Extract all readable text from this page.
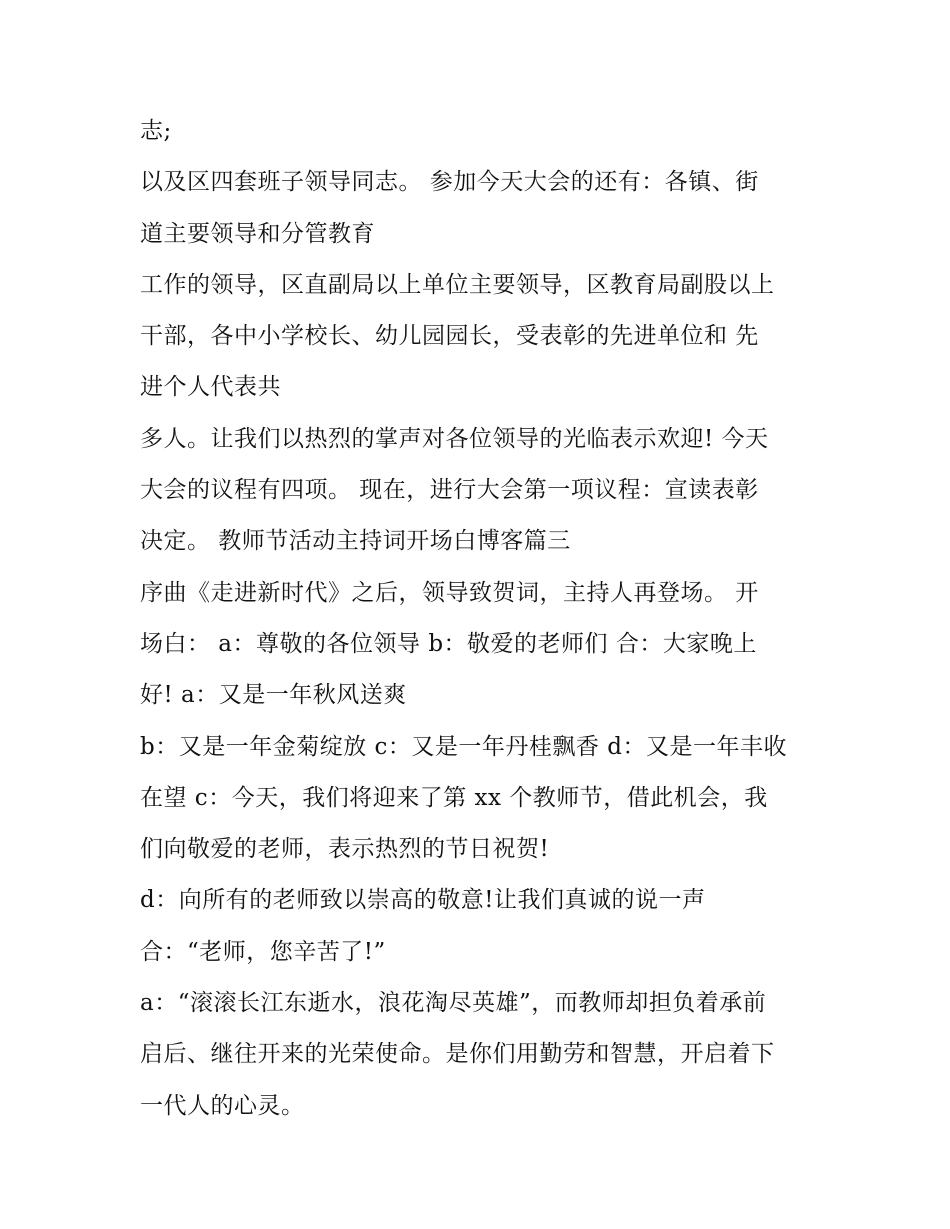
志;
以及区四套班子领导同志。 参加今天大会的还有：各镇、街
道主要领导和分管教育
工作的领导，区直副局以上单位主要领导，区教育局副股以上
干部，各中小学校长、幼儿园园长，受表彰的先进单位和 先
进个人代表共
多人。让我们以热烈的掌声对各位领导的光临表示欢迎! 今天
大会的议程有四项。 现在，进行大会第一项议程：宣读表彰
决定。 教师节活动主持词开场白博客篇三
序曲《走进新时代》之后，领导致贺词，主持人再登场。 开
场白： a：尊敬的各位领导 b：敬爱的老师们 合：大家晚上
好! a：又是一年秋风送爽
b：又是一年金菊绽放 c：又是一年丹桂飘香 d：又是一年丰收
在望 c：今天，我们将迎来了第 xx 个教师节，借此机会，我
们向敬爱的老师，表示热烈的节日祝贺!
d：向所有的老师致以崇高的敬意!让我们真诚的说一声
合：“老师，您辛苦了!”
a：“滚滚长江东逝水，浪花淘尽英雄”，而教师却担负着承前
启后、继往开来的光荣使命。是你们用勤劳和智慧，开启着下
一代人的心灵。
